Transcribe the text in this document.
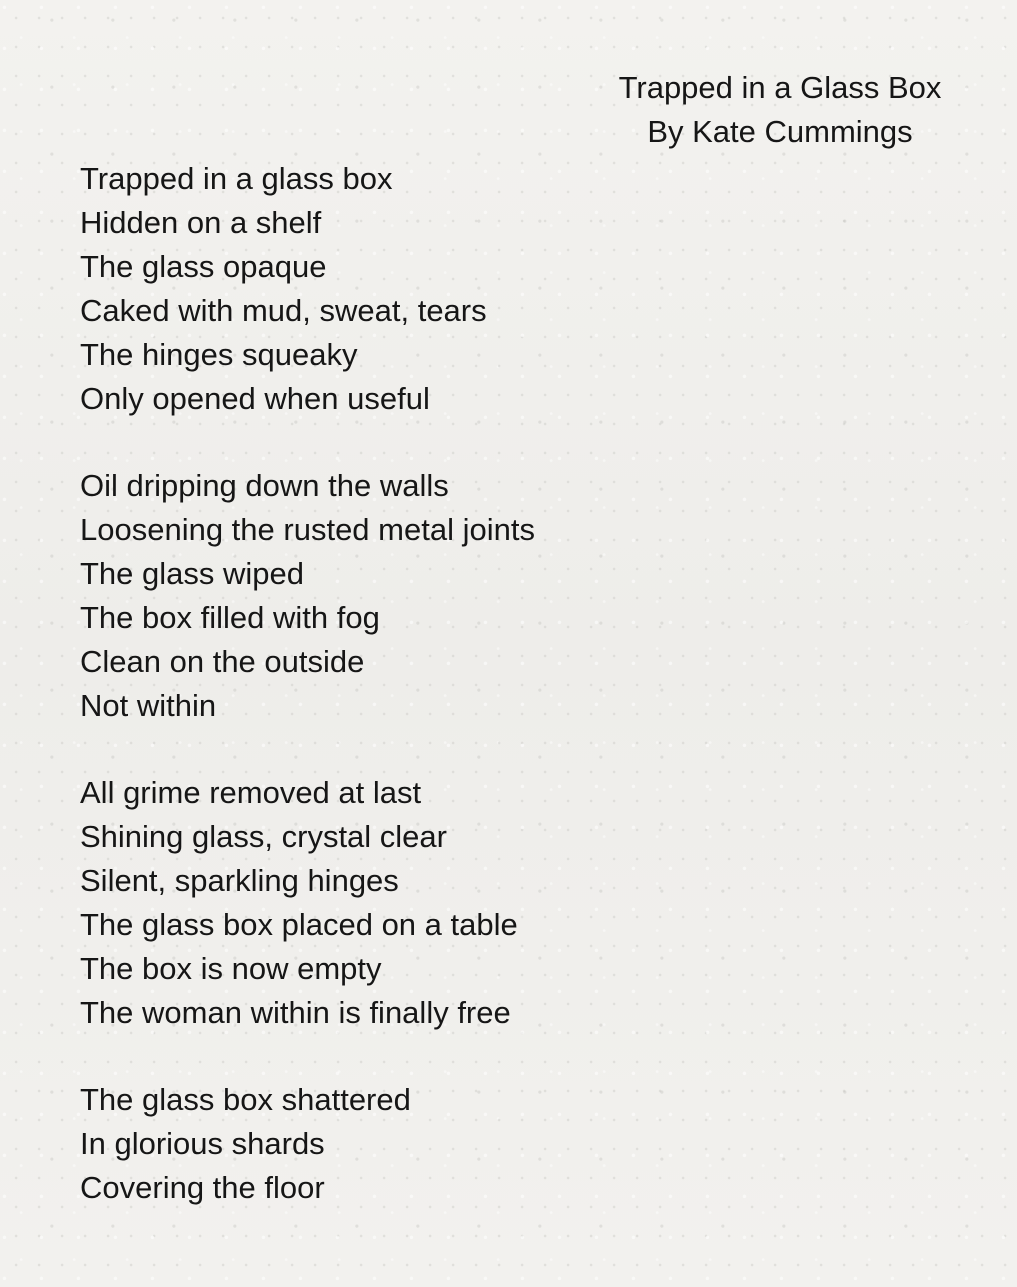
Trapped in a Glass Box
By Kate Cummings
Trapped in a glass box
Hidden on a shelf
The glass opaque
Caked with mud, sweat, tears
The hinges squeaky
Only opened when useful
Oil dripping down the walls
Loosening the rusted metal joints
The glass wiped
The box filled with fog
Clean on the outside
Not within
All grime removed at last
Shining glass, crystal clear
Silent, sparkling hinges
The glass box placed on a table
The box is now empty
The woman within is finally free
The glass box shattered
In glorious shards
Covering the floor
